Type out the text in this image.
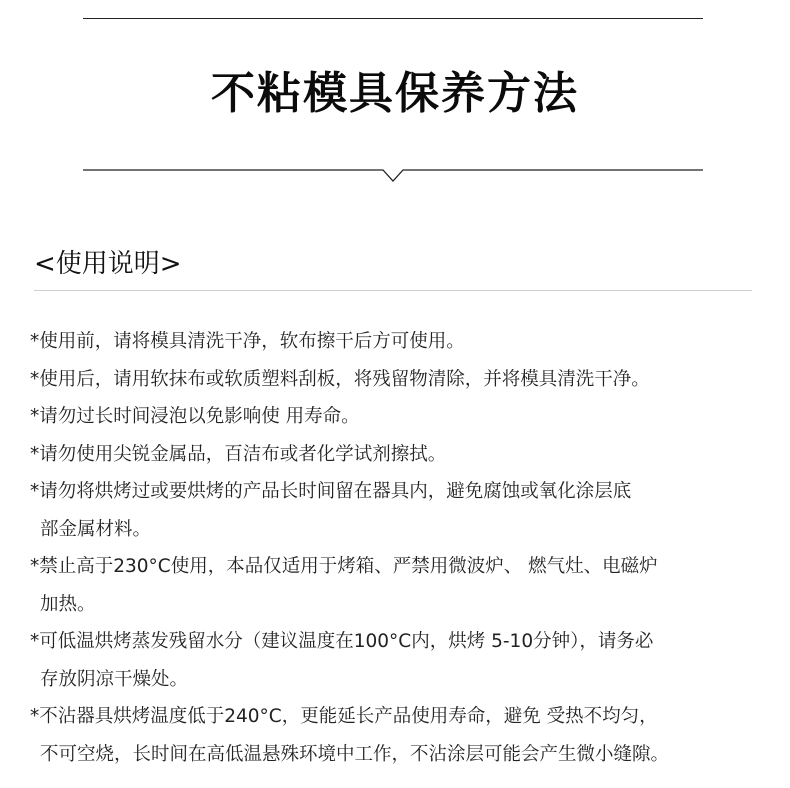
不粘模具保养方法
<使用说明>
*使用前，请将模具清洗干净，软布擦干后方可使用。
*使用后，请用软抹布或软质塑料刮板，将残留物清除，并将模具清洗干净。
*请勿过长时间浸泡以免影响使 用寿命。
*请勿使用尖锐金属品，百洁布或者化学试剂擦拭。
*请勿将烘烤过或要烘烤的产品长时间留在器具内，避免腐蚀或氧化涂层底
部金属材料。
*禁止高于230°C使用，本品仅适用于烤箱、严禁用微波炉、 燃气灶、电磁炉
加热。
*可低温烘烤蒸发残留水分（建议温度在100°C内，烘烤 5-10分钟），请务必
存放阴凉干燥处。
*不沾器具烘烤温度低于240°C，更能延长产品使用寿命，避免 受热不均匀，
不可空烧，长时间在高低温悬殊环境中工作，不沾涂层可能会产生微小缝隙。
